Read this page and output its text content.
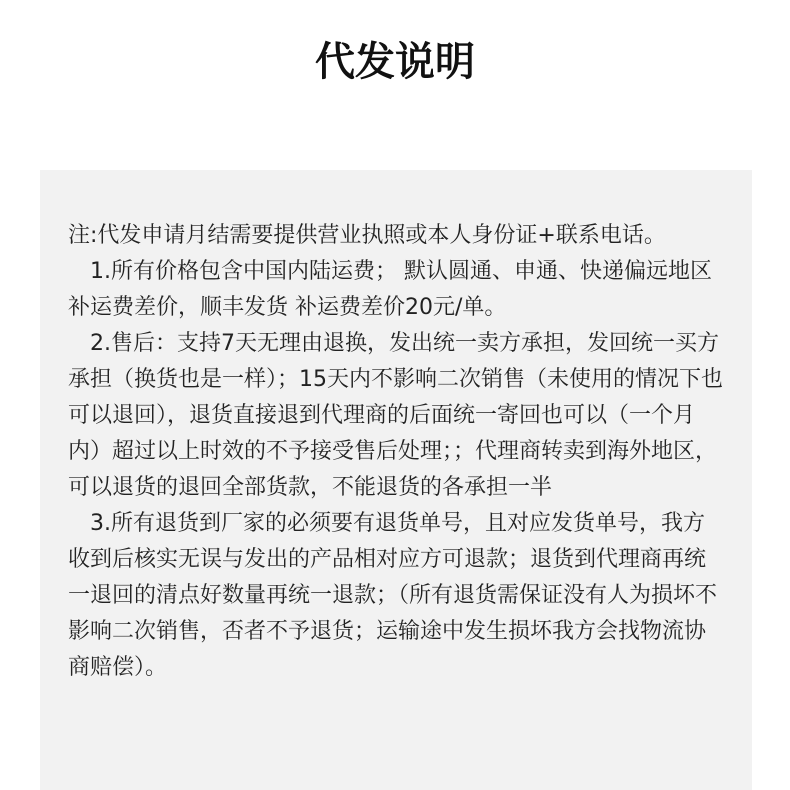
代发说明

注:代发申请月结需要提供营业执照或本人身份证+联系电话。

1.所有价格包含中国内陆运费； 默认圆通、申通、快递偏远地区补运费差价，顺丰发货 补运费差价20元/单。

2.售后：支持7天无理由退换，发出统一卖方承担，发回统一买方承担（换货也是一样）；15天内不影响二次销售（未使用的情况下也可以退回），退货直接退到代理商的后面统一寄回也可以（一个月内）超过以上时效的不予接受售后处理；；代理商转卖到海外地区，可以退货的退回全部货款，不能退货的各承担一半

3.所有退货到厂家的必须要有退货单号，且对应发货单号，我方收到后核实无误与发出的产品相对应方可退款；退货到代理商再统一退回的清点好数量再统一退款；（所有退货需保证没有人为损坏不影响二次销售，否者不予退货；运输途中发生损坏我方会找物流协商赔偿）。
